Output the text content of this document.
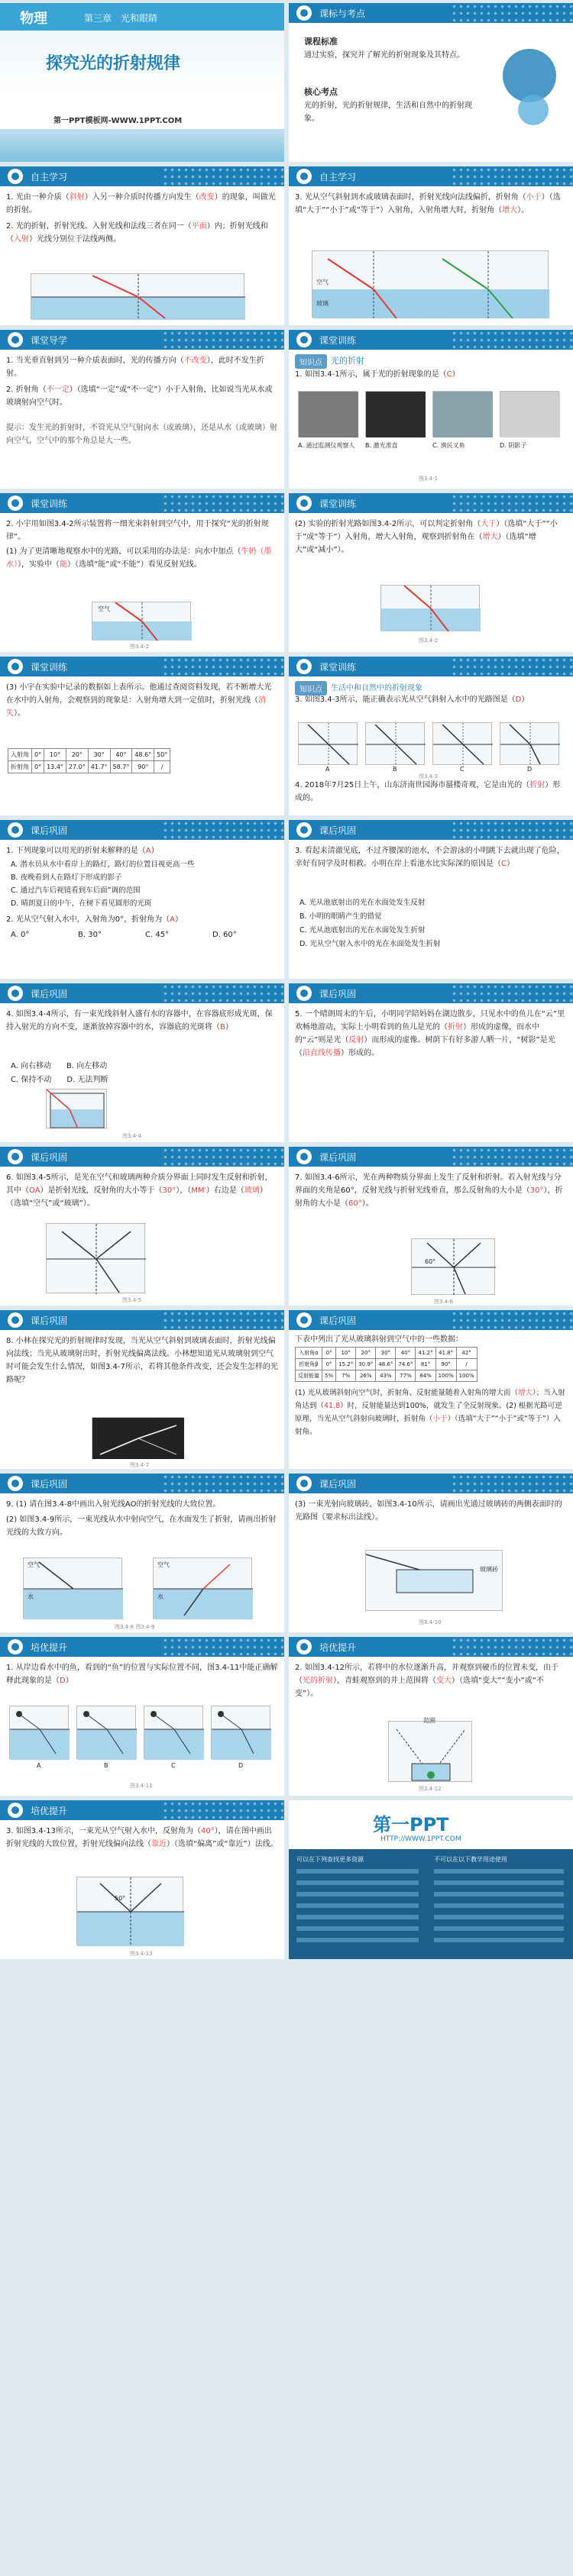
物理	第三章　光和眼睛
探究光的折射规律
第一PPT模板网-WWW.1PPT.COM
课标与考点
课程标准
通过实验，探究并了解光的折射现象及其特点。
核心考点
光的折射，光的折射规律，生活和自然中的折射现象。
自主学习
1. 光由一种介质（斜射）入另一种介质时传播方向发生（改变）的现象，叫做光的折射。
2. 光的折射，折射光线、入射光线和法线三者在同一（平面）内；折射光线和（入射）光线分别位于法线两侧。
自主学习
3. 光从空气斜射到水或玻璃表面时，折射光线向法线偏折，折射角（小于）（选填“大于”“小于”或“等于”）入射角，入射角增大时，折射角（增大）。
空气
玻璃
课堂导学
1. 当光垂直射到另一种介质表面时，光的传播方向（不改变），此时不发生折射。
2. 折射角（不一定）（选填“一定”或“不一定”）小于入射角，比如说当光从水或玻璃射向空气时。
提示：发生光的折射时，不管光从空气射向水（或玻璃），还是从水（或玻璃）射向空气，空气中的那个角总是大一些。
课堂训练
知识点	光的折射
1. 如图3.4-1所示，属于光的折射现象的是（C）
A. 通过监测仪观察人	B. 激光准直	C. 渔民叉鱼	D. 阴影子
图3.4-1
课堂训练
2. 小宇用如图3.4-2所示装置将一细光束斜射到空气中，用于探究“光的折射规律”。
(1) 为了更清晰地观察水中的光路，可以采用的办法是：向水中加点（牛奶（墨水）），实验中（能）（选填“能”或“不能”）看见反射光线。
空气
图3.4-2
课堂训练
(2) 实验的折射光路如图3.4-2所示，可以判定折射角（大于）（选填“大于”“小于”或“等于”）入射角，增大入射角，观察到折射角在（增大）（选填“增大”或“减小”）。
图3.4-2
课堂训练
(3) 小宇在实验中记录的数据如上表所示。他通过查阅资料发现，若不断增大光在水中的入射角，会观察到的现象是：入射角增大到一定值时，折射光线（消失）。
入射角	0°	10°	20°	30°	40°	48.6°	50°
折射角	0°	13.4°	27.0°	41.7°	58.7°	90°	/
课堂训练
知识点	生活中和自然中的折射现象
3. 如图3.4-3所示，能正确表示光从空气斜射入水中的光路图是（D）
A	B	C	D
4. 2018年7月25日上午，山东济南世园海市蜃楼奇观，它是由光的（折射）形成的。
图3.4-3
课后巩固
1. 下列现象可以用光的折射来解释的是（A）
A. 潜水员从水中看岸上的路灯，路灯的位置目视更高一些
B. 夜晚看到人在路灯下形成的影子
C. 通过汽车后视镜看到车后面”调的范围
D. 晴朗夏日的中午，在树下看见圆形的光斑
2. 光从空气射入水中，入射角为0°，折射角为（A）
A. 0°	B. 30°	C. 45°	D. 60°
课后巩固
3. 看起来清澈见底，不过齐腰深的池水，不会游泳的小明跳下去就出现了危险，幸好有同学及时相救。小明在岸上看池水比实际深的原因是（C）
A. 光从池底射出的光在水面处发生反射
B. 小明的眼睛产生的错觉
C. 光从池底射出的光在水面处发生折射
D. 光从空气射入水中的光在水面处发生折射
课后巩固
4. 如图3.4-4所示，有一束光线斜射入盛有水的容器中，在容器底形成光斑，保持入射光的方向不变，逐渐放掉容器中的水，容器底的光斑将（B）
A. 向右移动　　B. 向左移动
C. 保持不动　　D. 无法判断
图3.4-4
课后巩固
5. 一个晴朗周末的午后，小明同学陪妈妈在湖边散步，只见水中的鱼儿在“云”里欢畅地游动，实际上小明看到的鱼儿是光的（折射）形成的虚像，而水中的“云”则是光（反射）而形成的虚像。树荫下有好多游人晒一片，“树影”是光（沿直线传播）形成的。
课后巩固
6. 如图3.4-5所示，是光在空气和玻璃两种介质分界面上同时发生反射和折射，其中（OA）是折射光线，反射角的大小等于（30°），（MM′）右边是（玻璃）（选填“空气”或“玻璃”）。
图3.4-5
课后巩固
7. 如图3.4-6所示，光在两种物质分界面上发生了反射和折射。若入射光线与分界面的夹角是60°，反射光线与折射光线垂直，那么反射角的大小是（30°），折射角的大小是（60°）。
60°
图3.4-6
课后巩固
8. 小林在探究光的折射规律时发现，当光从空气斜射到玻璃表面时，折射光线偏向法线；当光从玻璃射出时，折射光线偏离法线。小林想知道光从玻璃射到空气时可能会发生什么情况，如图3.4-7所示，若将其他条件改变，还会发生怎样的光路呢？
图3.4-7
课后巩固
下表中列出了光从玻璃斜射到空气中的一些数据：
入射角α	0°	10°	20°	30°	40°	41.2°	41.8°	42°
折射角β	0°	15.2°	30.9°	48.6°	74.6°	81°	90°	/
反射能量	5%	7%	26%	43%	77%	84%	100%	100%
(1) 光从玻璃斜射向空气时，折射角、反射能量随着入射角的增大而（增大）；当入射角达到（41.8）时，反射能量达到100%，就发生了全反射现象。(2) 根据光路可逆原理，当光从空气斜射向玻璃时，折射角（小于）（选填“大于”“小于”或“等于”）入射角。
课后巩固
9. (1) 请在图3.4-8中画出入射光线AO的折射光线的大致位置。
(2) 如图3.4-9所示，一束光线从水中射向空气，在水面发生了折射，请画出折射光线的大致方向。
空气
水
空气
水
图3.4-8 图3.4-9
课后巩固
(3) 一束光射向玻璃砖，如图3.4-10所示，请画出光通过玻璃砖的两侧表面时的光路图（要求标出法线）。
玻璃砖
图3.4-10
培优提升
1. 从岸边看水中的鱼，看到的“鱼”的位置与实际位置不同，图3.4-11中能正确解释此现象的是（D）
A	B	C	D
图3.4-11
培优提升
2. 如图3.4-12所示，若将中的水位逐渐升高，并观察到硬币的位置未变，由于（光的折射），青蛙观察到的井上范围将（变大）（选填“变大”“变小”或“不变”）。
范围
图3.4-12
培优提升
3. 如图3.4-13所示，一束光从空气射入水中，反射角为（40°），请在图中画出折射光线的大致位置，折射光线偏向法线（靠近）（选填“偏离”或“靠近”）法线。
50°
图3.4-13
第一PPT
HTTP://WWW.1PPT.COM
可以在下列查找更多资源	不可以在以下教学用途使用
